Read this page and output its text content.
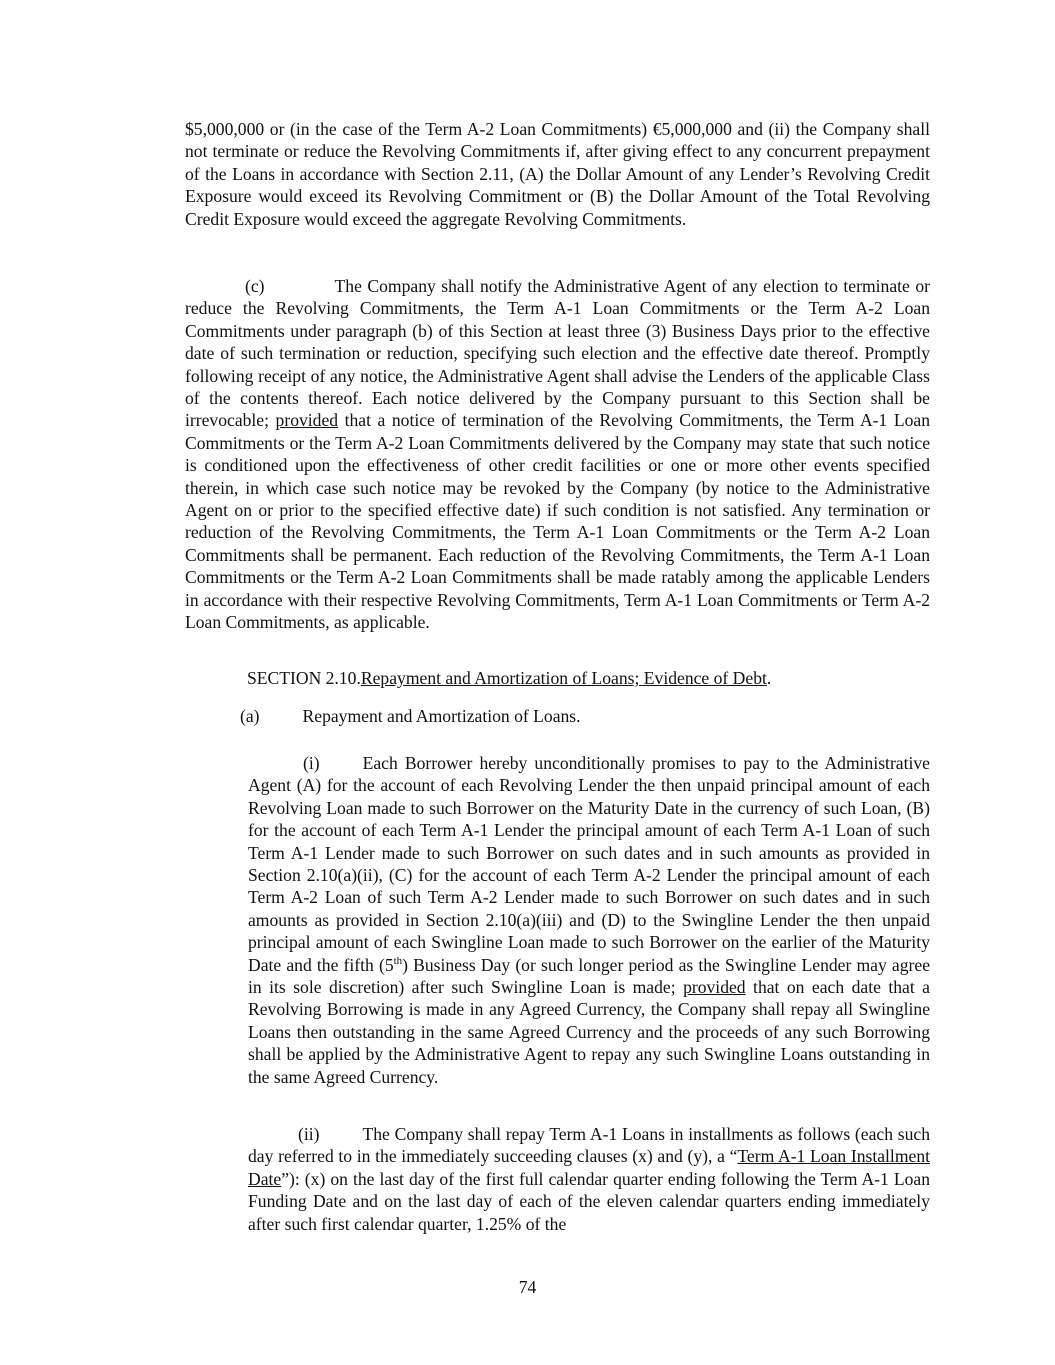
$5,000,000 or (in the case of the Term A-2 Loan Commitments) €5,000,000 and (ii) the Company shall not terminate or reduce the Revolving Commitments if, after giving effect to any concurrent prepayment of the Loans in accordance with Section 2.11, (A) the Dollar Amount of any Lender’s Revolving Credit Exposure would exceed its Revolving Commitment or (B) the Dollar Amount of the Total Revolving Credit Exposure would exceed the aggregate Revolving Commitments.

(c)	The Company shall notify the Administrative Agent of any election to terminate or reduce the Revolving Commitments, the Term A-1 Loan Commitments or the Term A-2 Loan Commitments under paragraph (b) of this Section at least three (3) Business Days prior to the effective date of such termination or reduction, specifying such election and the effective date thereof. Promptly following receipt of any notice, the Administrative Agent shall advise the Lenders of the applicable Class of the contents thereof. Each notice delivered by the Company pursuant to this Section shall be irrevocable; provided that a notice of termination of the Revolving Commitments, the Term A-1 Loan Commitments or the Term A-2 Loan Commitments delivered by the Company may state that such notice is conditioned upon the effectiveness of other credit facilities or one or more other events specified therein, in which case such notice may be revoked by the Company (by notice to the Administrative Agent on or prior to the specified effective date) if such condition is not satisfied. Any termination or reduction of the Revolving Commitments, the Term A-1 Loan Commitments or the Term A-2 Loan Commitments shall be permanent. Each reduction of the Revolving Commitments, the Term A-1 Loan Commitments or the Term A-2 Loan Commitments shall be made ratably among the applicable Lenders in accordance with their respective Revolving Commitments, Term A-1 Loan Commitments or Term A-2 Loan Commitments, as applicable.

SECTION 2.10.Repayment and Amortization of Loans; Evidence of Debt.

(a) Repayment and Amortization of Loans.

(i) Each Borrower hereby unconditionally promises to pay to the Administrative Agent (A) for the account of each Revolving Lender the then unpaid principal amount of each Revolving Loan made to such Borrower on the Maturity Date in the currency of such Loan, (B) for the account of each Term A-1 Lender the principal amount of each Term A-1 Loan of such Term A-1 Lender made to such Borrower on such dates and in such amounts as provided in Section 2.10(a)(ii), (C) for the account of each Term A-2 Lender the principal amount of each Term A-2 Loan of such Term A-2 Lender made to such Borrower on such dates and in such amounts as provided in Section 2.10(a)(iii) and (D) to the Swingline Lender the then unpaid principal amount of each Swingline Loan made to such Borrower on the earlier of the Maturity Date and the fifth (5th) Business Day (or such longer period as the Swingline Lender may agree in its sole discretion) after such Swingline Loan is made; provided that on each date that a Revolving Borrowing is made in any Agreed Currency, the Company shall repay all Swingline Loans then outstanding in the same Agreed Currency and the proceeds of any such Borrowing shall be applied by the Administrative Agent to repay any such Swingline Loans outstanding in the same Agreed Currency.

(ii) The Company shall repay Term A-1 Loans in installments as follows (each such day referred to in the immediately succeeding clauses (x) and (y), a “Term A-1 Loan Installment Date”): (x) on the last day of the first full calendar quarter ending following the Term A-1 Loan Funding Date and on the last day of each of the eleven calendar quarters ending immediately after such first calendar quarter, 1.25% of the

74
